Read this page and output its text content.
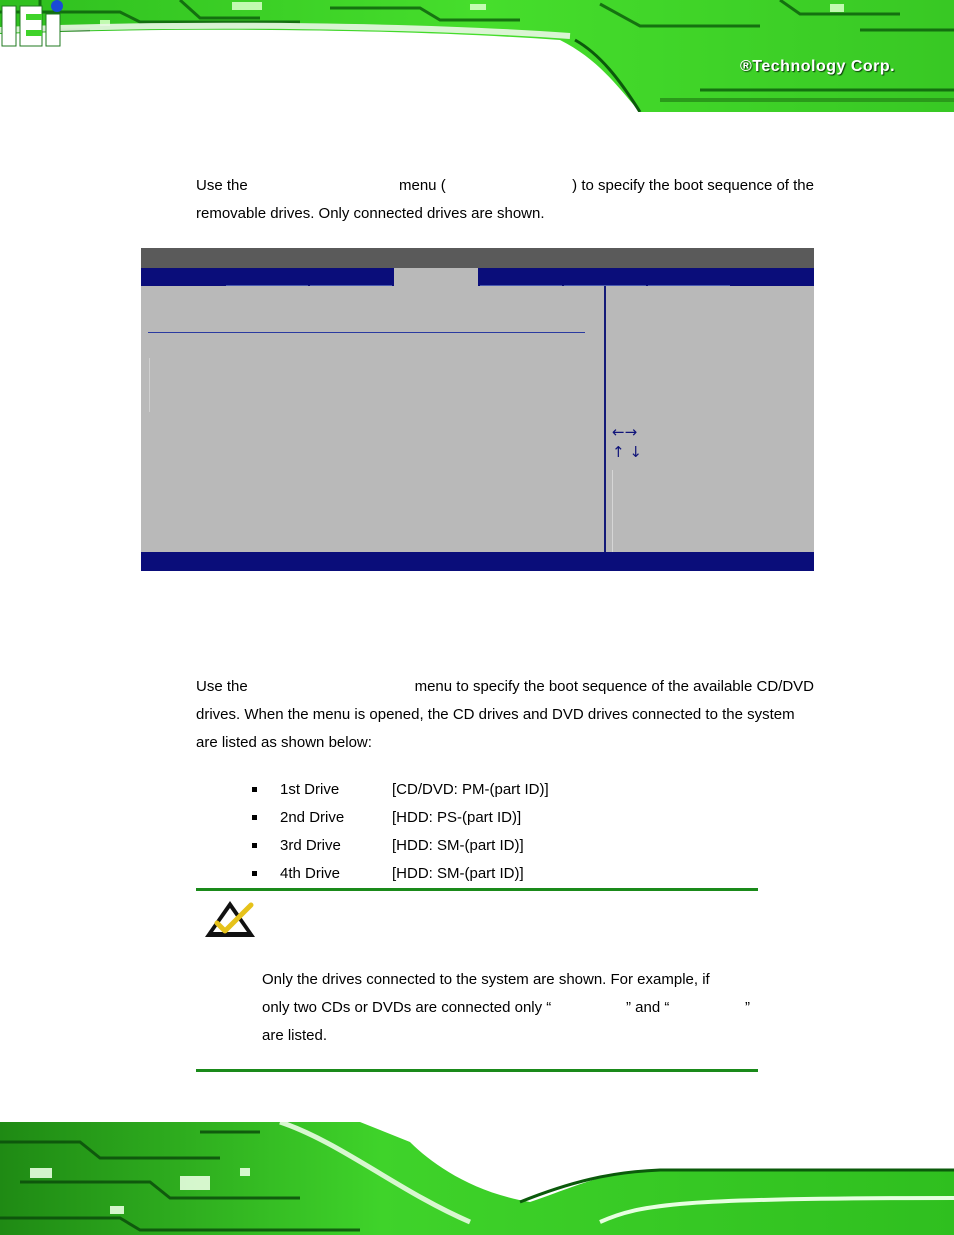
®Technology Corp.
Use the	menu (	) to specify the boot sequence of the
removable drives. Only connected drives are shown.
←→
↑ ↓
Use the	menu to specify the boot sequence of the available CD/DVD
drives. When the menu is opened, the CD drives and DVD drives connected to the system
are listed as shown below:
1st Drive	[CD/DVD: PM-(part ID)]
2nd Drive	[HDD: PS-(part ID)]
3rd Drive	[HDD: SM-(part ID)]
4th Drive	[HDD: SM-(part ID)]
Only the drives connected to the system are shown. For example, if
only two CDs or DVDs are connected only “	” and “	”
are listed.
